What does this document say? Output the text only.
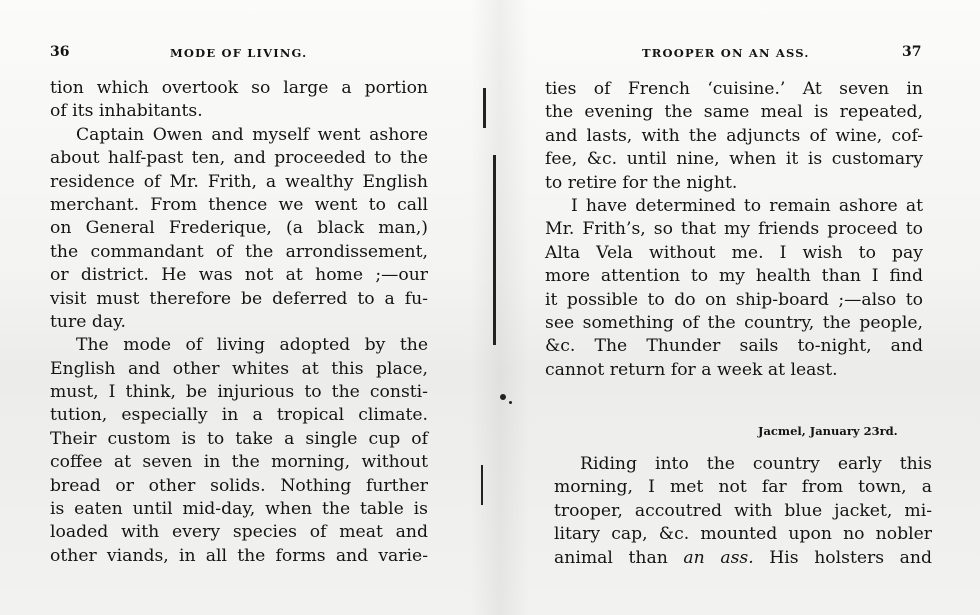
36	MODE OF LIVING.
tion which overtook so large a portion
of its inhabitants.
Captain Owen and myself went ashore
about half-past ten, and proceeded to the
residence of Mr. Frith, a wealthy English
merchant. From thence we went to call
on General Frederique, (a black man,)
the commandant of the arrondissement,
or district. He was not at home ;—our
visit must therefore be deferred to a fu-
ture day.
The mode of living adopted by the
English and other whites at this place,
must, I think, be injurious to the consti-
tution, especially in a tropical climate.
Their custom is to take a single cup of
coffee at seven in the morning, without
bread or other solids. Nothing further
is eaten until mid-day, when the table is
loaded with every species of meat and
other viands, in all the forms and varie-
TROOPER ON AN ASS.	37
ties of French ‘cuisine.’ At seven in
the evening the same meal is repeated,
and lasts, with the adjuncts of wine, cof-
fee, &c. until nine, when it is customary
to retire for the night.
I have determined to remain ashore at
Mr. Frith’s, so that my friends proceed to
Alta Vela without me. I wish to pay
more attention to my health than I find
it possible to do on ship-board ;—also to
see something of the country, the people,
&c. The Thunder sails to-night, and
cannot return for a week at least.
Jacmel, January 23rd.
Riding into the country early this
morning, I met not far from town, a
trooper, accoutred with blue jacket, mi-
litary cap, &c. mounted upon no nobler
animal than an ass. His holsters and
